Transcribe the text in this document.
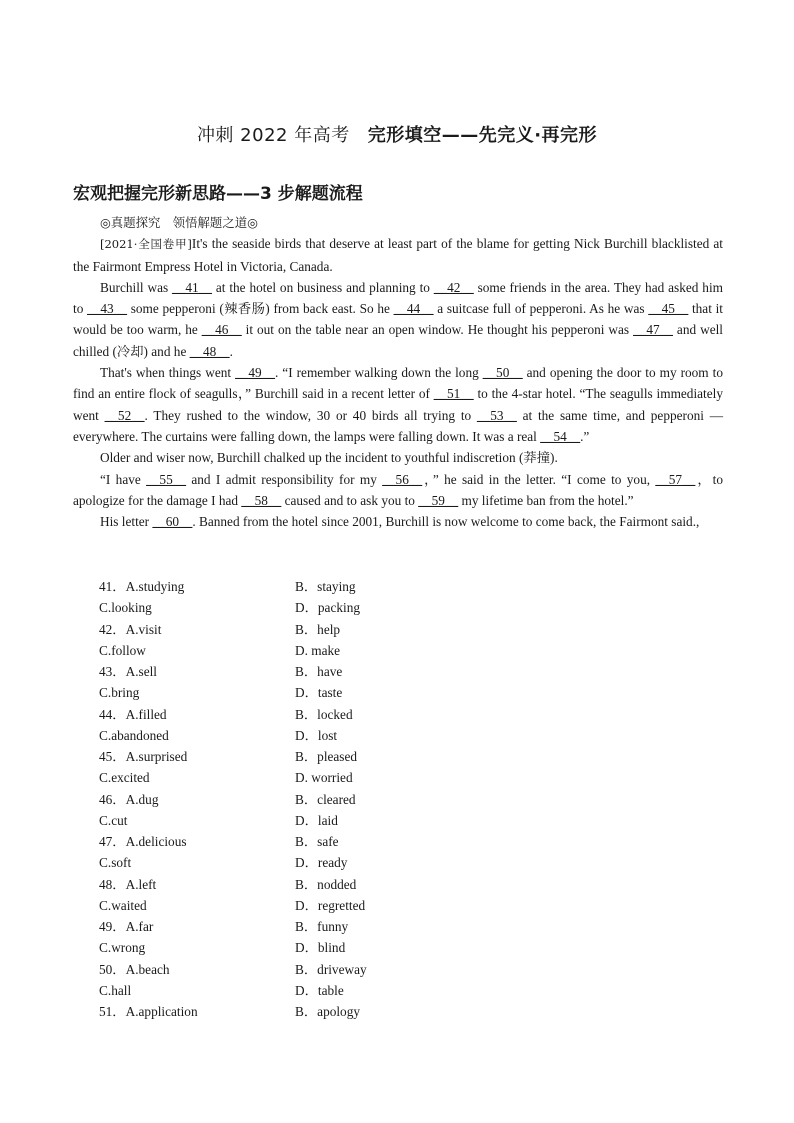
冲刺 2022 年高考 完形填空——先完义·再完形
宏观把握完形新思路——3 步解题流程

◎真题探究　领悟解题之道◎

[2021·全国卷甲]It's the seaside birds that deserve at least part of the blame for getting Nick Burchill blacklisted at the Fairmont Empress Hotel in Victoria, Canada.

Burchill was __41__ at the hotel on business and planning to __42__ some friends in the area. They had asked him to __43__ some pepperoni (辣香肠) from back east. So he __44__ a suitcase full of pepperoni. As he was __45__ that it would be too warm, he __46__ it out on the table near an open window. He thought his pepperoni was __47__ and well chilled (冷却) and he __48__.

That's when things went __49__. “I remember walking down the long __50__ and opening the door to my room to find an entire flock of seagulls，” Burchill said in a recent letter of __51__ to the 4-star hotel. “The seagulls immediately went __52__. They rushed to the window, 30 or 40 birds all trying to __53__ at the same time, and pepperoni — everywhere. The curtains were falling down, the lamps were falling down. It was a real __54__.”

Older and wiser now, Burchill chalked up the incident to youthful indiscretion (莽撞).

“I have __55__ and I admit responsibility for my __56__，” he said in the letter. “I come to you, __57__，to apologize for the damage I had __58__ caused and to ask you to __59__ my lifetime ban from the hotel.”

His letter __60__. Banned from the hotel since 2001, Burchill is now welcome to come back, the Fairmont said.,

41．A.studying	B．staying
C.looking	D．packing
42．A.visit	B．help
C.follow	D. make
43．A.sell	B．have
C.bring	D．taste
44．A.filled	B．locked
C.abandoned	D．lost
45．A.surprised	B．pleased
C.excited	D. worried
46．A.dug	B．cleared
C.cut	D．laid
47．A.delicious	B．safe
C.soft	D．ready
48．A.left	B．nodded
C.waited	D．regretted
49．A.far	B．funny
C.wrong	D．blind
50．A.beach	B．driveway
C.hall	D．table
51．A.application	B．apology
